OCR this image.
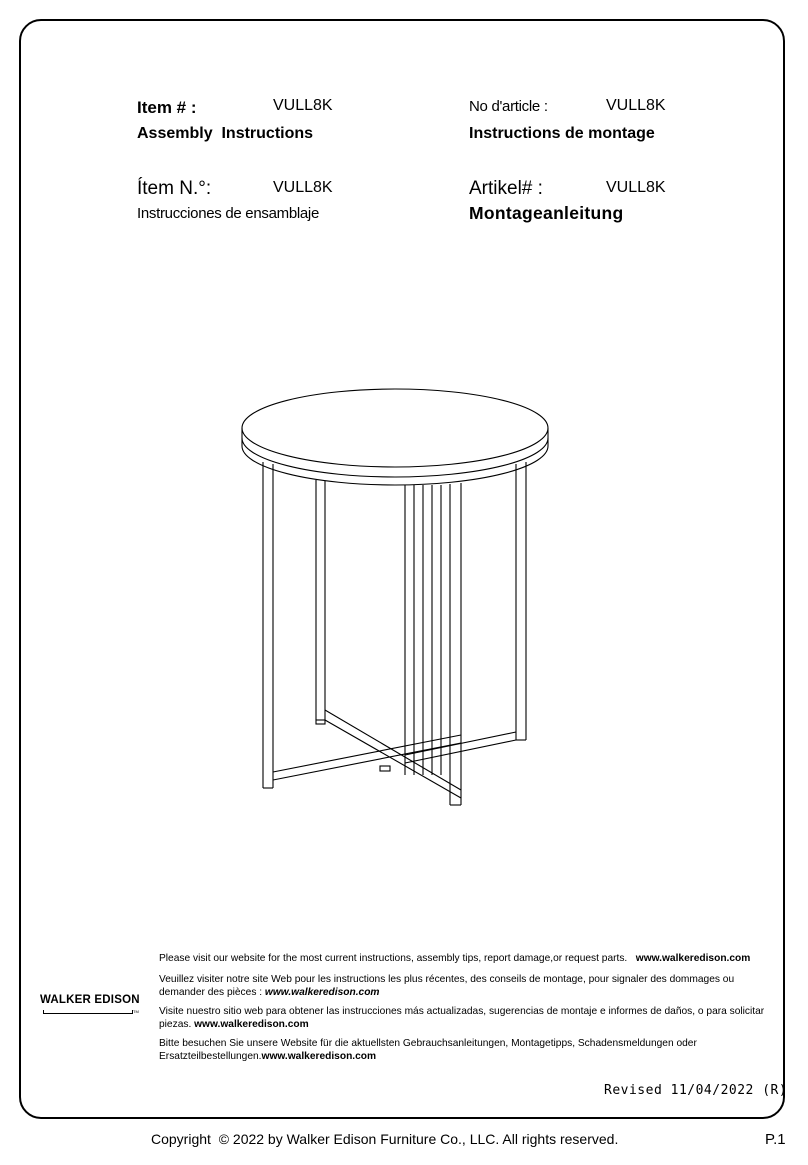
Item # :	VULL8K
Assembly  Instructions
No d'article :	VULL8K
Instructions de montage
Ítem N.°:	VULL8K
Instrucciones de ensamblaje
Artikel# :	VULL8K
Montageanleitung

Please visit our website for the most current instructions, assembly tips, report damage,or request parts. www.walkeredison.com

Veuillez visiter notre site Web pour les instructions les plus récentes, des conseils de montage, pour signaler des dommages ou demander des pièces : www.walkeredison.com

Visite nuestro sitio web para obtener las instrucciones más actualizadas, sugerencias de montaje e informes de daños, o para solicitar piezas. www.walkeredison.com

Bitte besuchen Sie unsere Website für die aktuellsten Gebrauchsanleitungen, Montagetipps, Schadensmeldungen oder Ersatzteilbestellungen.www.walkeredison.com

WALKER EDISON
TM
Revised 11/04/2022 (R)
Copyright  © 2022 by Walker Edison Furniture Co., LLC. All rights reserved.	P.1
